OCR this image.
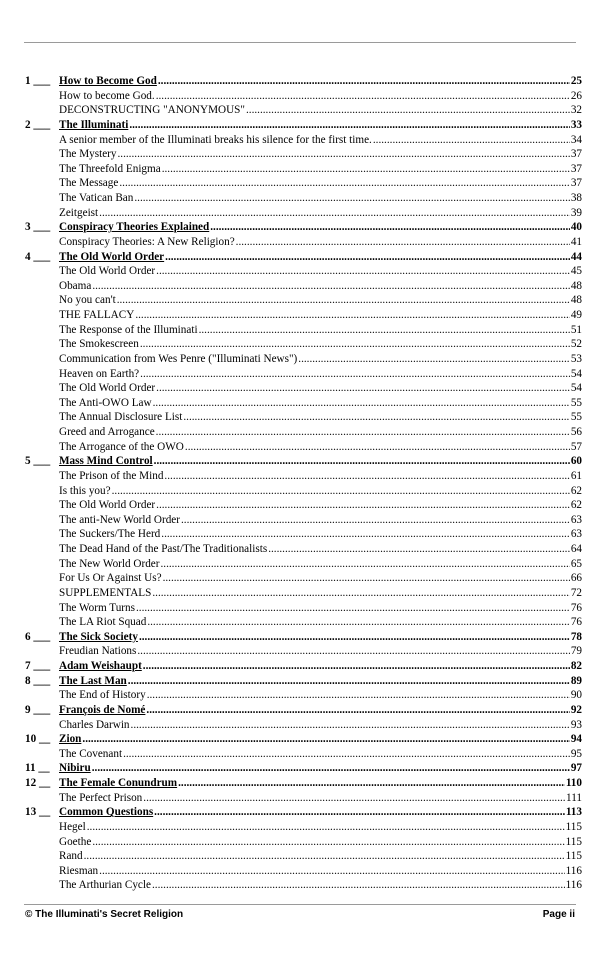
1 ___ How to Become God .....	25
How to become God. .....	26
DECONSTRUCTING "ANONYMOUS" .....	32
2 ___ The Illuminati .....	33
A senior member of the Illuminati breaks his silence for the first time. .....	34
The Mystery .....	37
The Threefold Enigma .....	37
The Message .....	37
The Vatican Ban .....	38
Zeitgeist .....	39
3 ___ Conspiracy Theories Explained .....	40
Conspiracy Theories: A New Religion? .....	41
4 ___ The Old World Order .....	44
The Old World Order .....	45
Obama .....	48
No you can't .....	48
THE FALLACY .....	49
The Response of the Illuminati .....	51
The Smokescreen .....	52
Communication from Wes Penre ("Illuminati News") .....	53
Heaven on Earth? .....	54
The Old World Order .....	54
The Anti-OWO Law .....	55
The Annual Disclosure List .....	55
Greed and Arrogance .....	56
The Arrogance of the OWO .....	57
5 ___ Mass Mind Control .....	60
The Prison of the Mind .....	61
Is this you? .....	62
The Old World Order .....	62
The anti-New World Order .....	63
The Suckers/The Herd .....	63
The Dead Hand of the Past/The Traditionalists .....	64
The New World Order .....	65
For Us Or Against Us? .....	66
SUPPLEMENTALS .....	72
The Worm Turns .....	76
The LA Riot Squad .....	76
6 ___ The Sick Society .....	78
Freudian Nations .....	79
7 ___ Adam Weishaupt .....	82
8 ___ The Last Man .....	89
The End of History .....	90
9 ___ François de Nomé .....	92
Charles Darwin .....	93
10 __ Zion .....	94
The Covenant .....	95
11 __ Nibiru .....	97
12 __ The Female Conundrum .....	110
The Perfect Prison .....	111
13 __ Common Questions .....	113
Hegel .....	115
Goethe .....	115
Rand .....	115
Riesman .....	116
The Arthurian Cycle .....	116
© The Illuminati's Secret Religion	Page ii
